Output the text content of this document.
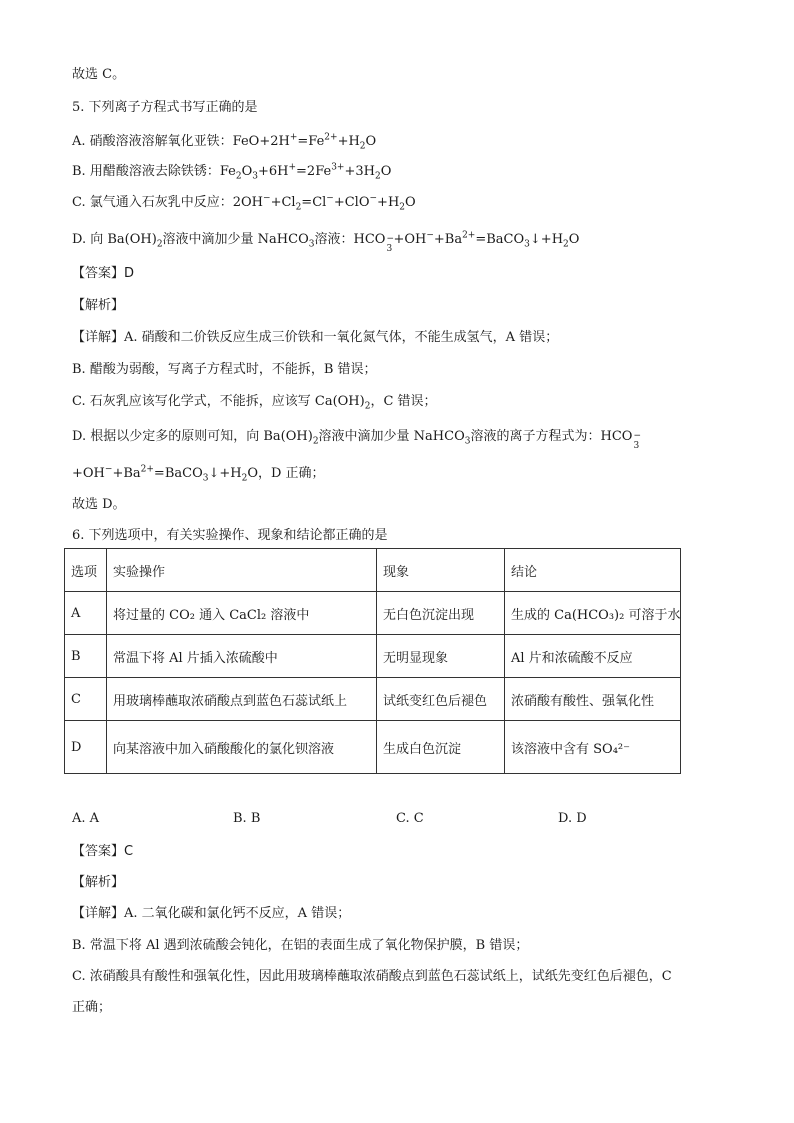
故选 C。
5. 下列离子方程式书写正确的是
A. 硝酸溶液溶解氧化亚铁：$FeO+2H^+=Fe^{2+}+H_2O$
B. 用醋酸溶液去除铁锈：$Fe_2O_3+6H^+=2Fe^{3+}+3H_2O$
C. 氯气通入石灰乳中反应：$2OH^-+Cl_2=Cl^-+ClO^-+H_2O$
D. 向 $Ba(OH)_2$溶液中滴加少量 NaHCO$_3$溶液：HCO −
3
$+OH^-+Ba^{2+}=BaCO_3↓+H_2O$
【答案】D
【解析】
【详解】A. 硝酸和二价铁反应生成三价铁和一氧化氮气体，不能生成氢气，A 错误；
B. 醋酸为弱酸，写离子方程式时，不能拆，B 错误；
C. 石灰乳应该写化学式，不能拆，应该写 $Ca(OH)_2$，C 错误；
D. 根据以少定多的原则可知，向 $Ba(OH)_2$溶液中滴加少量 NaHCO$_3$溶液的离子方程式为：HCO −
3
$+OH^-+Ba^{2+}=BaCO_3↓+H_2O$，D 正确；
故选 D。
6. 下列选项中，有关实验操作、现象和结论都正确的是
选项	实验操作	现象	结论
A	将过量的 CO₂ 通入 CaCl₂ 溶液中	无白色沉淀出现	生成的 Ca(HCO₃)₂ 可溶于水
B	常温下将 Al 片插入浓硫酸中	无明显现象	Al 片和浓硫酸不反应
C	用玻璃棒蘸取浓硝酸点到蓝色石蕊试纸上	试纸变红色后褪色	浓硝酸有酸性、强氧化性
D	向某溶液中加入硝酸酸化的氯化钡溶液	生成白色沉淀	该溶液中含有 SO₄²⁻
A. A	B. B	C. C	D. D
【答案】C
【解析】
【详解】A. 二氧化碳和氯化钙不反应，A 错误；
B. 常温下将 Al 遇到浓硫酸会钝化，在铝的表面生成了氧化物保护膜，B 错误；
C. 浓硝酸具有酸性和强氧化性，因此用玻璃棒蘸取浓硝酸点到蓝色石蕊试纸上，试纸先变红色后褪色，C
正确；
